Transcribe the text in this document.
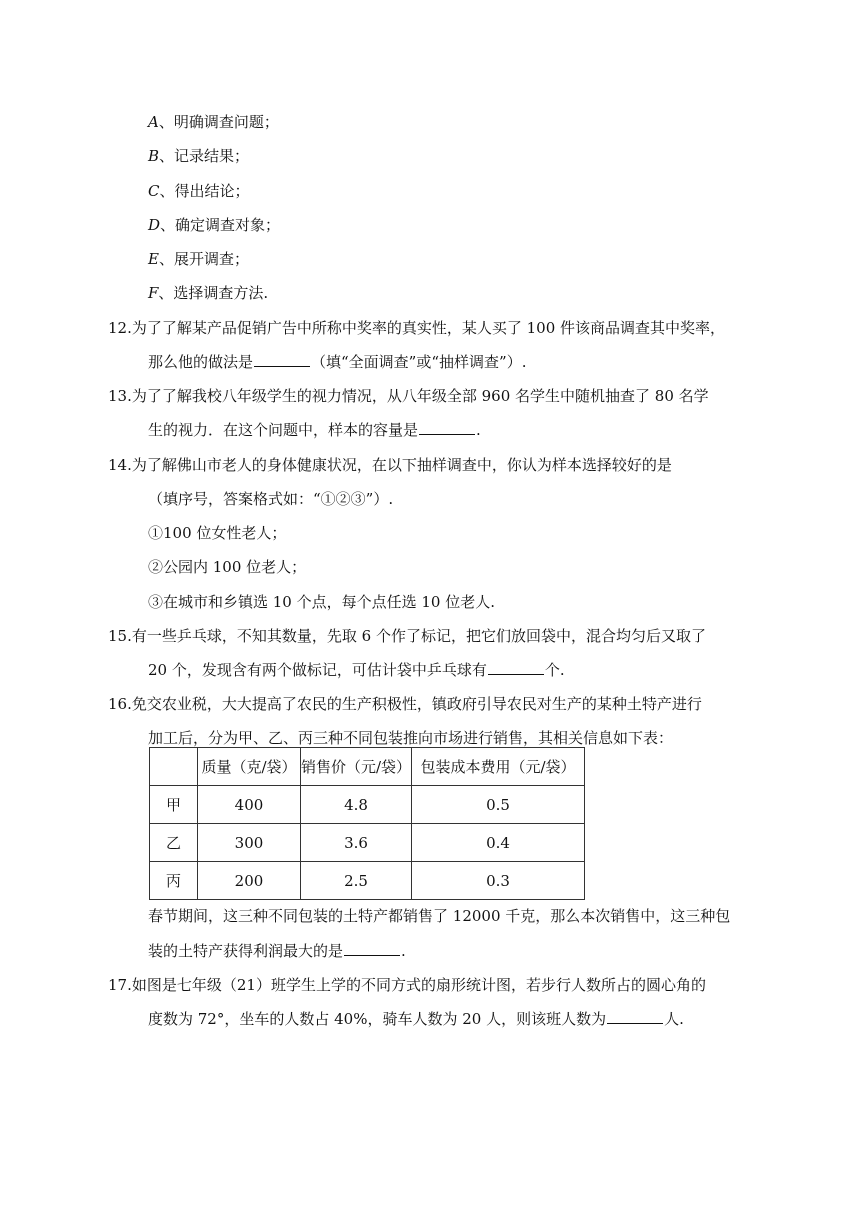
A、明确调查问题；
B、记录结果；
C、得出结论；
D、确定调查对象；
E、展开调查；
F、选择调查方法.
12.为了了解某产品促销广告中所称中奖率的真实性，某人买了 100 件该商品调查其中奖率，
那么他的做法是	（填“全面调查”或“抽样调查”）.
13.为了了解我校八年级学生的视力情况，从八年级全部 960 名学生中随机抽查了 80 名学
生的视力．在这个问题中，样本的容量是	.
14.为了解佛山市老人的身体健康状况，在以下抽样调查中，你认为样本选择较好的是
（填序号，答案格式如：“①②③”）.
①100 位女性老人；
②公园内 100 位老人；
③在城市和乡镇选 10 个点，每个点任选 10 位老人.
15.有一些乒乓球，不知其数量，先取 6 个作了标记，把它们放回袋中，混合均匀后又取了
20 个，发现含有两个做标记，可估计袋中乒乓球有	个.
16.免交农业税，大大提高了农民的生产积极性，镇政府引导农民对生产的某种土特产进行
加工后，分为甲、乙、丙三种不同包装推向市场进行销售，其相关信息如下表：
	质量（克/袋）	销售价（元/袋）	包装成本费用（元/袋）
甲	400	4.8	0.5
乙	300	3.6	0.4
丙	200	2.5	0.3
春节期间，这三种不同包装的土特产都销售了 12000 千克，那么本次销售中，这三种包
装的土特产获得利润最大的是	.
17.如图是七年级（21）班学生上学的不同方式的扇形统计图，若步行人数所占的圆心角的
度数为 72°，坐车的人数占 40%，骑车人数为 20 人，则该班人数为	人.
